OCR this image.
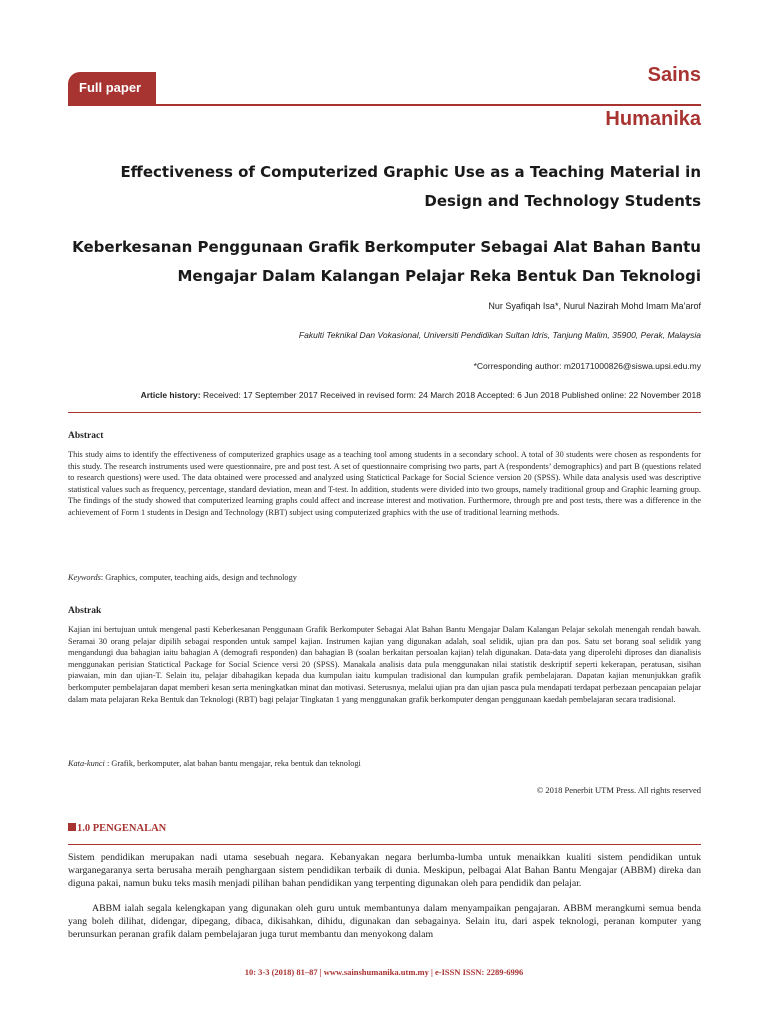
Full paper
Sains
Humanika
Effectiveness of Computerized Graphic Use as a Teaching Material in Design and Technology Students
Keberkesanan Penggunaan Grafik Berkomputer Sebagai Alat Bahan Bantu Mengajar Dalam Kalangan Pelajar Reka Bentuk Dan Teknologi
Nur Syafiqah Isa*, Nurul Nazirah Mohd Imam Ma’arof
Fakulti Teknikal Dan Vokasional, Universiti Pendidikan Sultan Idris, Tanjung Malim, 35900, Perak, Malaysia
*Corresponding author: m20171000826@siswa.upsi.edu.my
Article history: Received: 17 September 2017 Received in revised form: 24 March 2018 Accepted: 6 Jun 2018 Published online: 22 November 2018
Abstract

This study aims to identify the effectiveness of computerized graphics usage as a teaching tool among students in a secondary school. A total of 30 students were chosen as respondents for this study. The research instruments used were questionnaire, pre and post test. A set of questionnaire comprising two parts, part A (respondents’ demographics) and part B (questions related to research questions) were used. The data obtained were processed and analyzed using Statictical Package for Social Science version 20 (SPSS). While data analysis used was descriptive statistical values such as frequency, percentage, standard deviation, mean and T-test. In addition, students were divided into two groups, namely traditional group and Graphic learning group. The findings of the study showed that computerized learning graphs could affect and increase interest and motivation. Furthermore, through pre and post tests, there was a difference in the achievement of Form 1 students in Design and Technology (RBT) subject using computerized graphics with the use of traditional learning methods.

Keywords: Graphics, computer, teaching aids, design and technology

Abstrak

Kajian ini bertujuan untuk mengenal pasti Keberkesanan Penggunaan Grafik Berkomputer Sebagai Alat Bahan Bantu Mengajar Dalam Kalangan Pelajar sekolah menengah rendah bawah. Seramai 30 orang pelajar dipilih sebagai responden untuk sampel kajian. Instrumen kajian yang digunakan adalah, soal selidik, ujian pra dan pos. Satu set borang soal selidik yang mengandungi dua bahagian iaitu bahagian A (demografi responden) dan bahagian B (soalan berkaitan persoalan kajian) telah digunakan. Data-data yang diperolehi diproses dan dianalisis menggunakan perisian Statictical Package for Social Science versi 20 (SPSS). Manakala analisis data pula menggunakan nilai statistik deskriptif seperti kekerapan, peratusan, sisihan piawaian, min dan ujian-T. Selain itu, pelajar dibahagikan kepada dua kumpulan iaitu kumpulan tradisional dan kumpulan grafik pembelajaran. Dapatan kajian menunjukkan grafik berkomputer pembelajaran dapat memberi kesan serta meningkatkan minat dan motivasi. Seterusnya, melalui ujian pra dan ujian pasca pula mendapati terdapat perbezaan pencapaian pelajar dalam mata pelajaran Reka Bentuk dan Teknologi (RBT) bagi pelajar Tingkatan 1 yang menggunakan grafik berkomputer dengan penggunaan kaedah pembelajaran secara tradisional.

Kata-kunci : Grafik, berkomputer, alat bahan bantu mengajar, reka bentuk dan teknologi

© 2018 Penerbit UTM Press. All rights reserved
1.0 PENGENALAN

Sistem pendidikan merupakan nadi utama sesebuah negara. Kebanyakan negara berlumba-lumba untuk menaikkan kualiti sistem pendidikan untuk warganegaranya serta berusaha meraih penghargaan sistem pendidikan terbaik di dunia. Meskipun, pelbagai Alat Bahan Bantu Mengajar (ABBM) direka dan diguna pakai, namun buku teks masih menjadi pilihan bahan pendidikan yang terpenting digunakan oleh para pendidik dan pelajar.

ABBM ialah segala kelengkapan yang digunakan oleh guru untuk membantunya dalam menyampaikan pengajaran. ABBM merangkumi semua benda yang boleh dilihat, didengar, dipegang, dibaca, dikisahkan, dihidu, digunakan dan sebagainya. Selain itu, dari aspek teknologi, peranan komputer yang berunsurkan peranan grafik dalam pembelajaran juga turut membantu dan menyokong dalam

10: 3-3 (2018) 81–87 | www.sainshumanika.utm.my | e-ISSN ISSN: 2289-6996
